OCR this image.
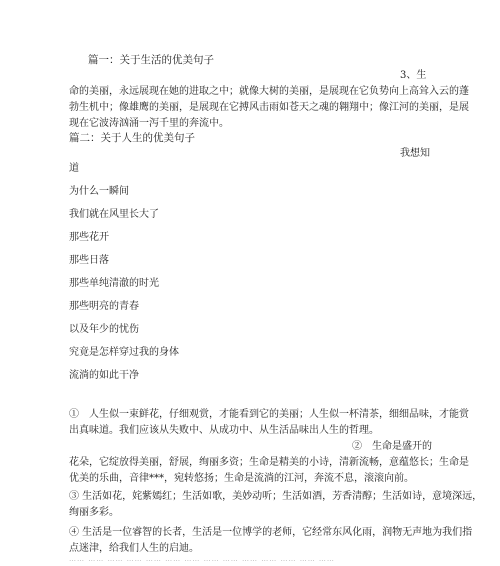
篇一：关于生活的优美句子
3、生
命的美丽，永远展现在她的进取之中；就像大树的美丽，是展现在它负势向上高耸入云的蓬
勃生机中；像雄鹰的美丽，是展现在它搏风击雨如苍天之魂的翱翔中；像江河的美丽，是展
现在它波涛汹涌一泻千里的奔流中。
篇二：关于人生的优美句子
我想知
道
为什么一瞬间
我们就在风里长大了
那些花开
那些日落
那些单纯清澈的时光
那些明亮的青春
以及年少的忧伤
究竟是怎样穿过我的身体
流淌的如此干净
①　人生似一束鲜花，仔细观赏，才能看到它的美丽；人生似一杯清茶，细细品味，才能赏
出真味道。我们应该从失败中、从成功中、从生活品味出人生的哲理。
②　生命是盛开的
花朵，它绽放得美丽，舒展，绚丽多资；生命是精美的小诗，清新流畅，意蕴悠长；生命是
优美的乐曲，音律***，宛转悠扬；生命是流淌的江河，奔流不息，滚滚向前。
③ 生活如花，姹紫嫣红；生活如歌，美妙动听；生活如酒，芳香清醇；生活如诗，意境深远，
绚丽多彩。
④ 生活是一位睿智的长者，生活是一位博学的老师，它经常东风化雨，润物无声地为我们指
点迷津，给我们人生的启迪。
…… …… …… …… …… …… …… …… …… …… …… …… …… ……
